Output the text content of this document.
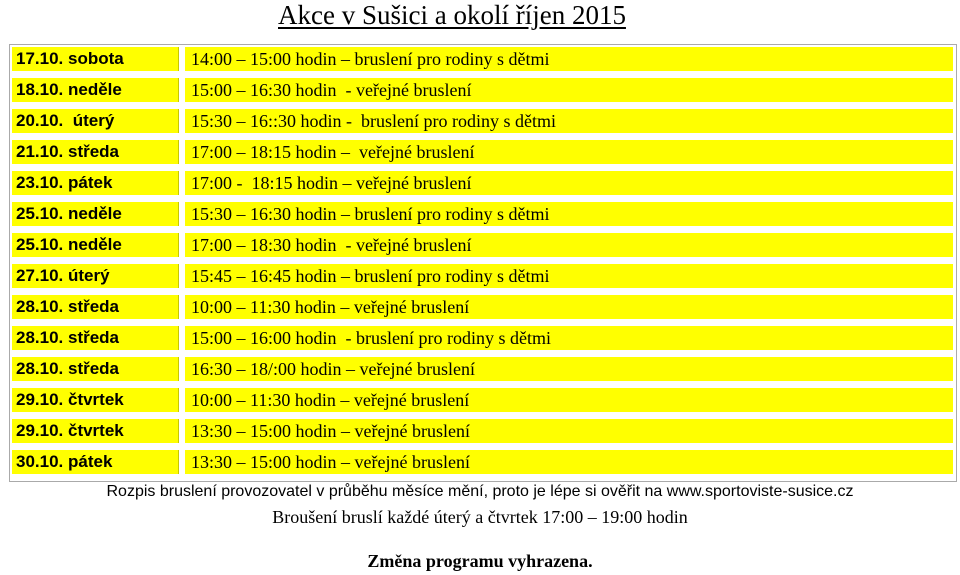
Akce v Sušici a okolí říjen 2015
17.10. sobota	14:00 – 15:00 hodin – bruslení pro rodiny s dětmi
18.10. neděle	15:00 – 16:30 hodin  - veřejné bruslení
20.10.  úterý	15:30 – 16::30 hodin -  bruslení pro rodiny s dětmi
21.10. středa	17:00 – 18:15 hodin –  veřejné bruslení
23.10. pátek	17:00 -  18:15 hodin – veřejné bruslení
25.10. neděle	15:30 – 16:30 hodin – bruslení pro rodiny s dětmi
25.10. neděle	17:00 – 18:30 hodin  - veřejné bruslení
27.10. úterý	15:45 – 16:45 hodin – bruslení pro rodiny s dětmi
28.10. středa	10:00 – 11:30 hodin – veřejné bruslení
28.10. středa	15:00 – 16:00 hodin  - bruslení pro rodiny s dětmi
28.10. středa	16:30 – 18/:00 hodin – veřejné bruslení
29.10. čtvrtek	10:00 – 11:30 hodin – veřejné bruslení
29.10. čtvrtek	13:30 – 15:00 hodin – veřejné bruslení
30.10. pátek	13:30 – 15:00 hodin – veřejné bruslení
Rozpis bruslení provozovatel v průběhu měsíce mění, proto je lépe si ověřit na www.sportoviste-susice.cz
Broušení bruslí každé úterý a čtvrtek 17:00 – 19:00 hodin
Změna programu vyhrazena.
